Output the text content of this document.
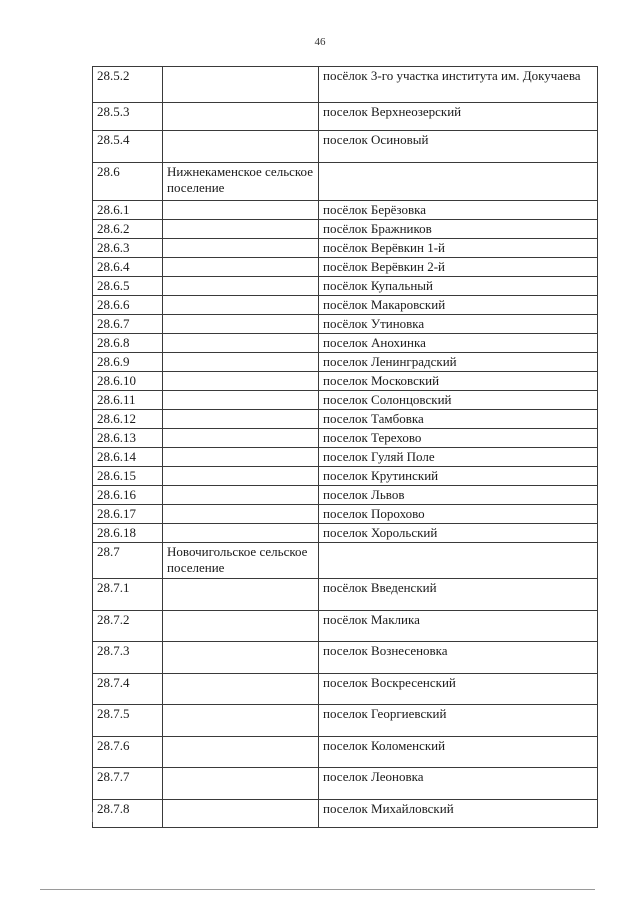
46
28.5.2		посёлок 3-го участка института им. Докучаева
28.5.3		поселок Верхнеозерский
28.5.4		поселок Осиновый
28.6	Нижнекаменское сельское поселение	
28.6.1		посёлок Берёзовка
28.6.2		посёлок Бражников
28.6.3		посёлок Верёвкин 1-й
28.6.4		посёлок Верёвкин 2-й
28.6.5		посёлок Купальный
28.6.6		посёлок Макаровский
28.6.7		посёлок Утиновка
28.6.8		поселок Анохинка
28.6.9		поселок Ленинградский
28.6.10		поселок Московский
28.6.11		поселок Солонцовский
28.6.12		поселок Тамбовка
28.6.13		поселок Терехово
28.6.14		поселок Гуляй Поле
28.6.15		поселок Крутинский
28.6.16		поселок Львов
28.6.17		поселок Порохово
28.6.18		поселок Хорольский
28.7	Новочигольское сельское поселение	
28.7.1		посёлок Введенский
28.7.2		посёлок Маклика
28.7.3		поселок Вознесеновка
28.7.4		поселок Воскресенский
28.7.5		поселок Георгиевский
28.7.6		поселок Коломенский
28.7.7		поселок Леоновка
28.7.8		поселок Михайловский
